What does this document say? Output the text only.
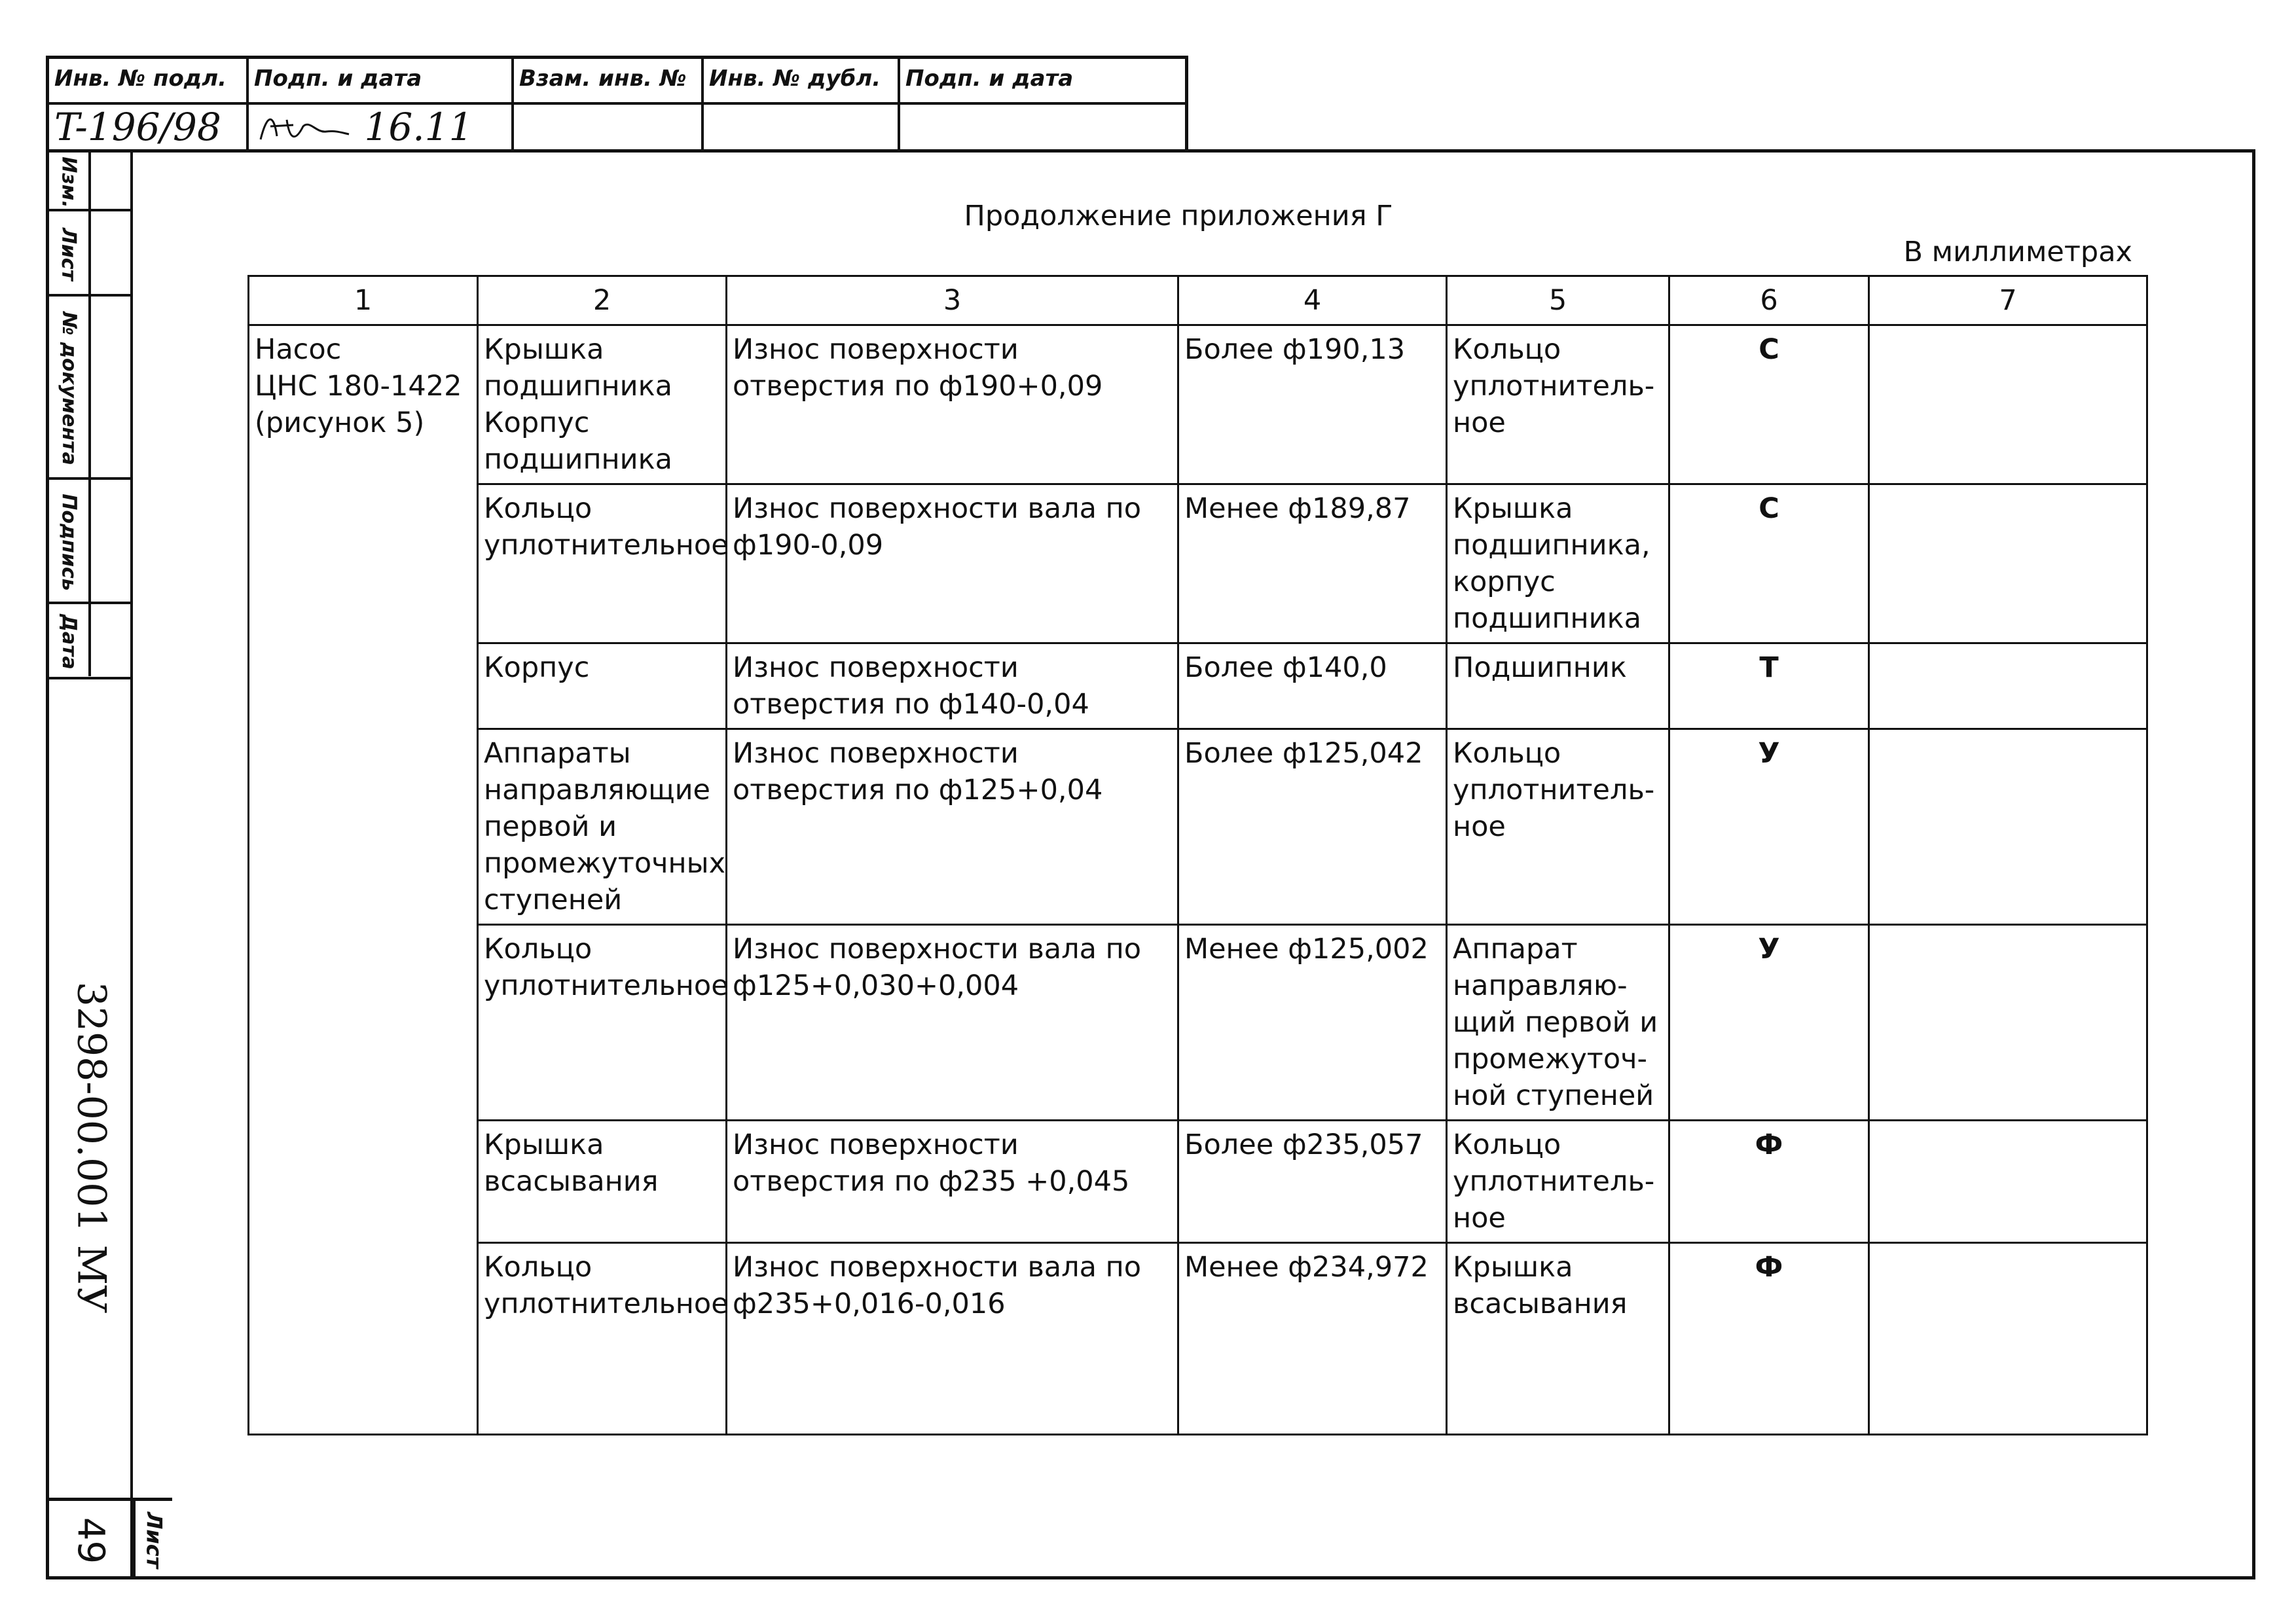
Инв. № подл.	Подп. и дата	Взам. инв. №	Инв. № дубл.	Подп. и дата
T-196/98	16.11
Изм.
Лист
№ документа
Подпись
Дата
3298-00.001 МУ
49 Лист
Продолжение приложения Г
В миллиметрах
1	2	3	4	5	6	7
Насос
ЦНС 180-1422
(рисунок 5)	Крышка
подшипника
Корпус
подшипника	Износ поверхности отверстия по ф190+0,09	Более ф190,13	Кольцо
уплотнитель-
ное	С	
	Кольцо
уплотнительное	Износ поверхности вала по ф190-0,09	Менее ф189,87	Крышка
подшипника,
корпус
подшипника	С	
	Корпус	Износ поверхности отверстия по ф140-0,04	Более ф140,0	Подшипник	Т	
	Аппараты
направляющие
первой и
промежуточных
ступеней	Износ поверхности отверстия по ф125+0,04	Более ф125,042	Кольцо
уплотнитель-
ное	У	
	Кольцо
уплотнительное	Износ поверхности вала по ф125+0,030+0,004	Менее ф125,002	Аппарат
направляю-
щий первой и
промежуточ-
ной ступеней	У	
	Крышка
всасывания	Износ поверхности отверстия по ф235 +0,045	Более ф235,057	Кольцо
уплотнитель-
ное	Ф	
	Кольцо
уплотнительное	Износ поверхности вала по ф235+0,016-0,016	Менее ф234,972	Крышка
всасывания	Ф	
